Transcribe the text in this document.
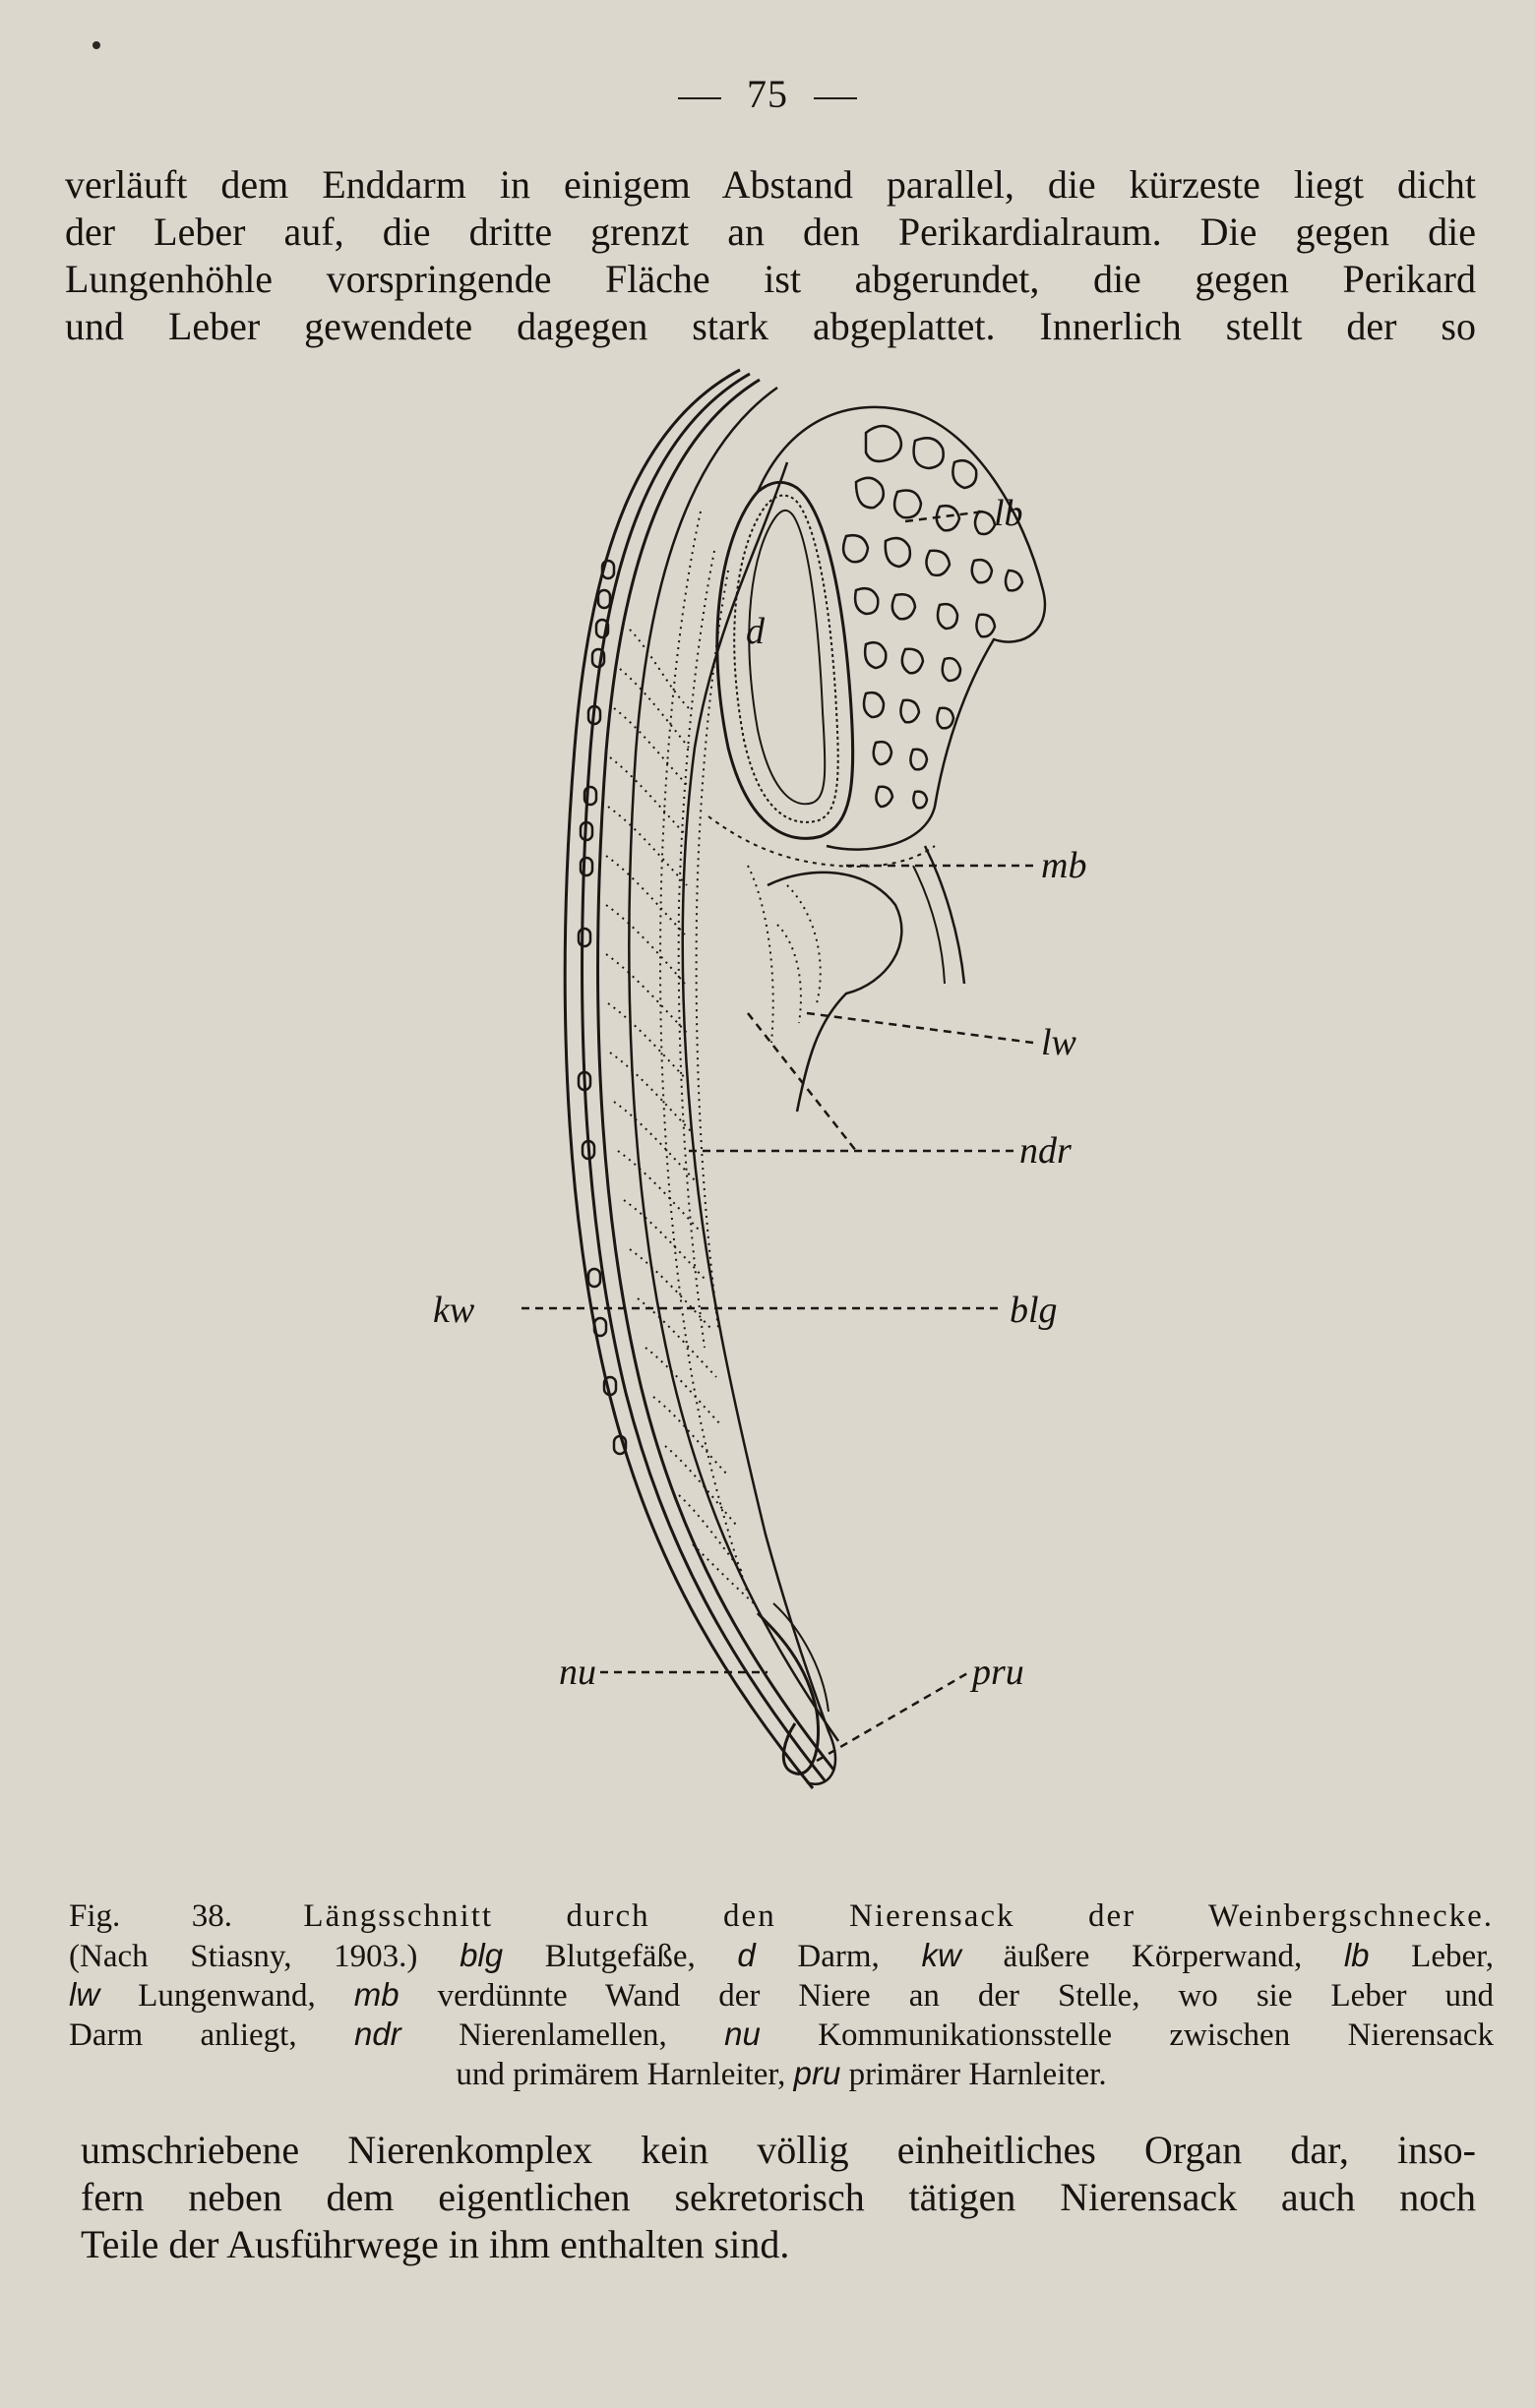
75
verläuft dem Enddarm in einigem Abstand parallel, die kürzeste liegt dicht
der Leber auf, die dritte grenzt an den Perikardialraum. Die gegen die
Lungenhöhle vorspringende Fläche ist abgerundet, die gegen Perikard
und Leber gewendete dagegen stark abgeplattet. Innerlich stellt der so
lb
d
mb
lw
ndr
kw	blg
nu	pru
Fig. 38. Längsschnitt durch den Nierensack der Weinbergschnecke.
(Nach Stiasny, 1903.) blg Blutgefäße, d Darm, kw äußere Körperwand, lb Leber,
lw Lungenwand, mb verdünnte Wand der Niere an der Stelle, wo sie Leber und
Darm anliegt, ndr Nierenlamellen, nu Kommunikationsstelle zwischen Nierensack
und primärem Harnleiter, pru primärer Harnleiter.
umschriebene Nierenkomplex kein völlig einheitliches Organ dar, inso-
fern neben dem eigentlichen sekretorisch tätigen Nierensack auch noch
Teile der Ausführwege in ihm enthalten sind.
